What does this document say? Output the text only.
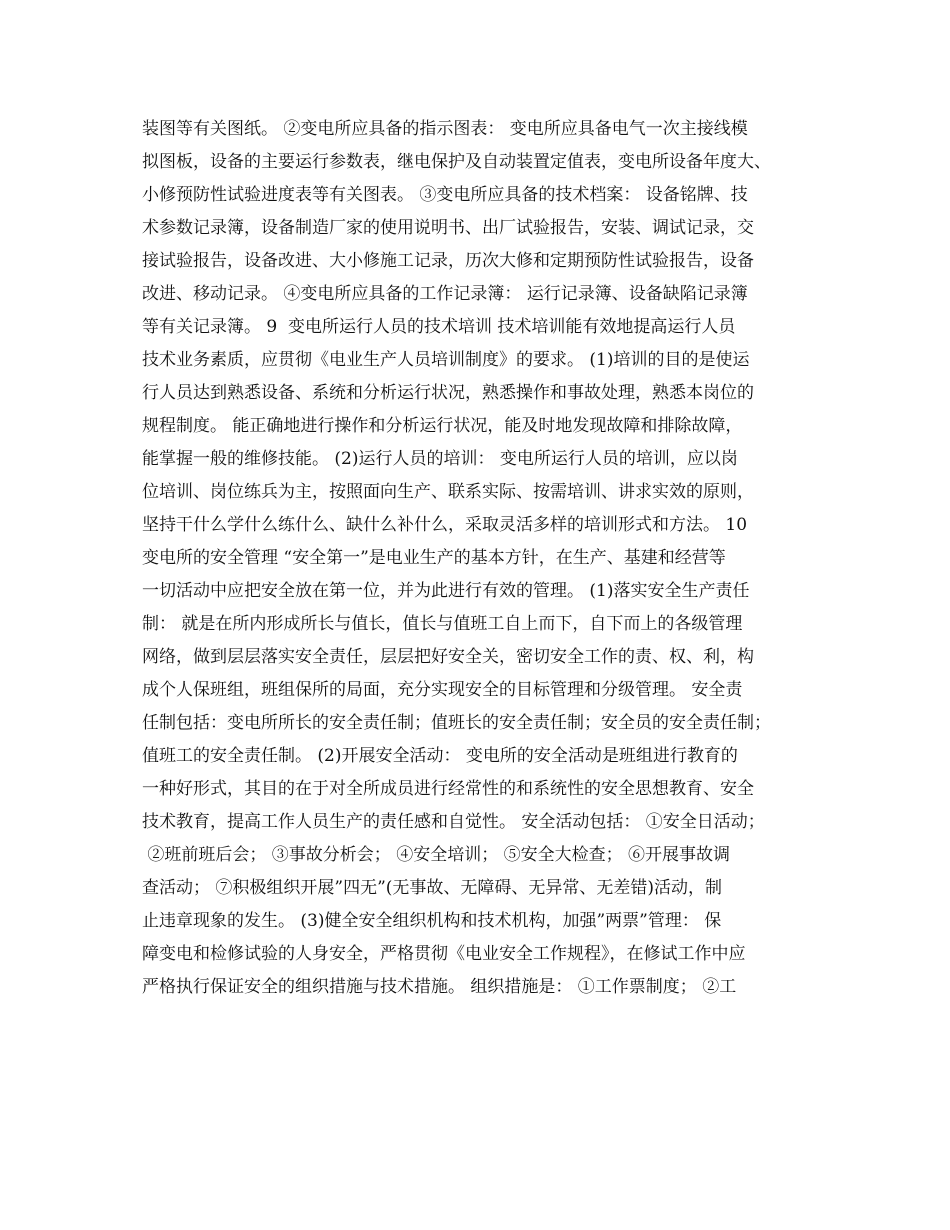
装图等有关图纸。 ②变电所应具备的指示图表： 变电所应具备电气一次主接线模
拟图板，设备的主要运行参数表，继电保护及自动装置定值表，变电所设备年度大、
小修预防性试验进度表等有关图表。 ③变电所应具备的技术档案： 设备铭牌、技
术参数记录簿，设备制造厂家的使用说明书、出厂试验报告，安装、调试记录，交
接试验报告，设备改进、大小修施工记录，历次大修和定期预防性试验报告，设备
改进、移动记录。 ④变电所应具备的工作记录簿： 运行记录簿、设备缺陷记录簿
等有关记录簿。 9  变电所运行人员的技术培训 技术培训能有效地提高运行人员
技术业务素质，应贯彻《电业生产人员培训制度》的要求。 (1)培训的目的是使运
行人员达到熟悉设备、系统和分析运行状况，熟悉操作和事故处理，熟悉本岗位的
规程制度。 能正确地进行操作和分析运行状况，能及时地发现故障和排除故障，
能掌握一般的维修技能。 (2)运行人员的培训： 变电所运行人员的培训，应以岗
位培训、岗位练兵为主，按照面向生产、联系实际、按需培训、讲求实效的原则，
坚持干什么学什么练什么、缺什么补什么，采取灵活多样的培训形式和方法。 10
变电所的安全管理 “安全第一”是电业生产的基本方针，在生产、基建和经营等
一切活动中应把安全放在第一位，并为此进行有效的管理。 (1)落实安全生产责任
制： 就是在所内形成所长与值长，值长与值班工自上而下，自下而上的各级管理
网络，做到层层落实安全责任，层层把好安全关，密切安全工作的责、权、利，构
成个人保班组，班组保所的局面，充分实现安全的目标管理和分级管理。 安全责
任制包括：变电所所长的安全责任制；值班长的安全责任制；安全员的安全责任制；
值班工的安全责任制。 (2)开展安全活动： 变电所的安全活动是班组进行教育的
一种好形式，其目的在于对全所成员进行经常性的和系统性的安全思想教育、安全
技术教育，提高工作人员生产的责任感和自觉性。 安全活动包括： ①安全日活动；
②班前班后会； ③事故分析会； ④安全培训； ⑤安全大检查； ⑥开展事故调
查活动； ⑦积极组织开展”四无”(无事故、无障碍、无异常、无差错)活动，制
止违章现象的发生。 (3)健全安全组织机构和技术机构，加强”两票”管理： 保
障变电和检修试验的人身安全，严格贯彻《电业安全工作规程》，在修试工作中应
严格执行保证安全的组织措施与技术措施。 组织措施是： ①工作票制度； ②工
